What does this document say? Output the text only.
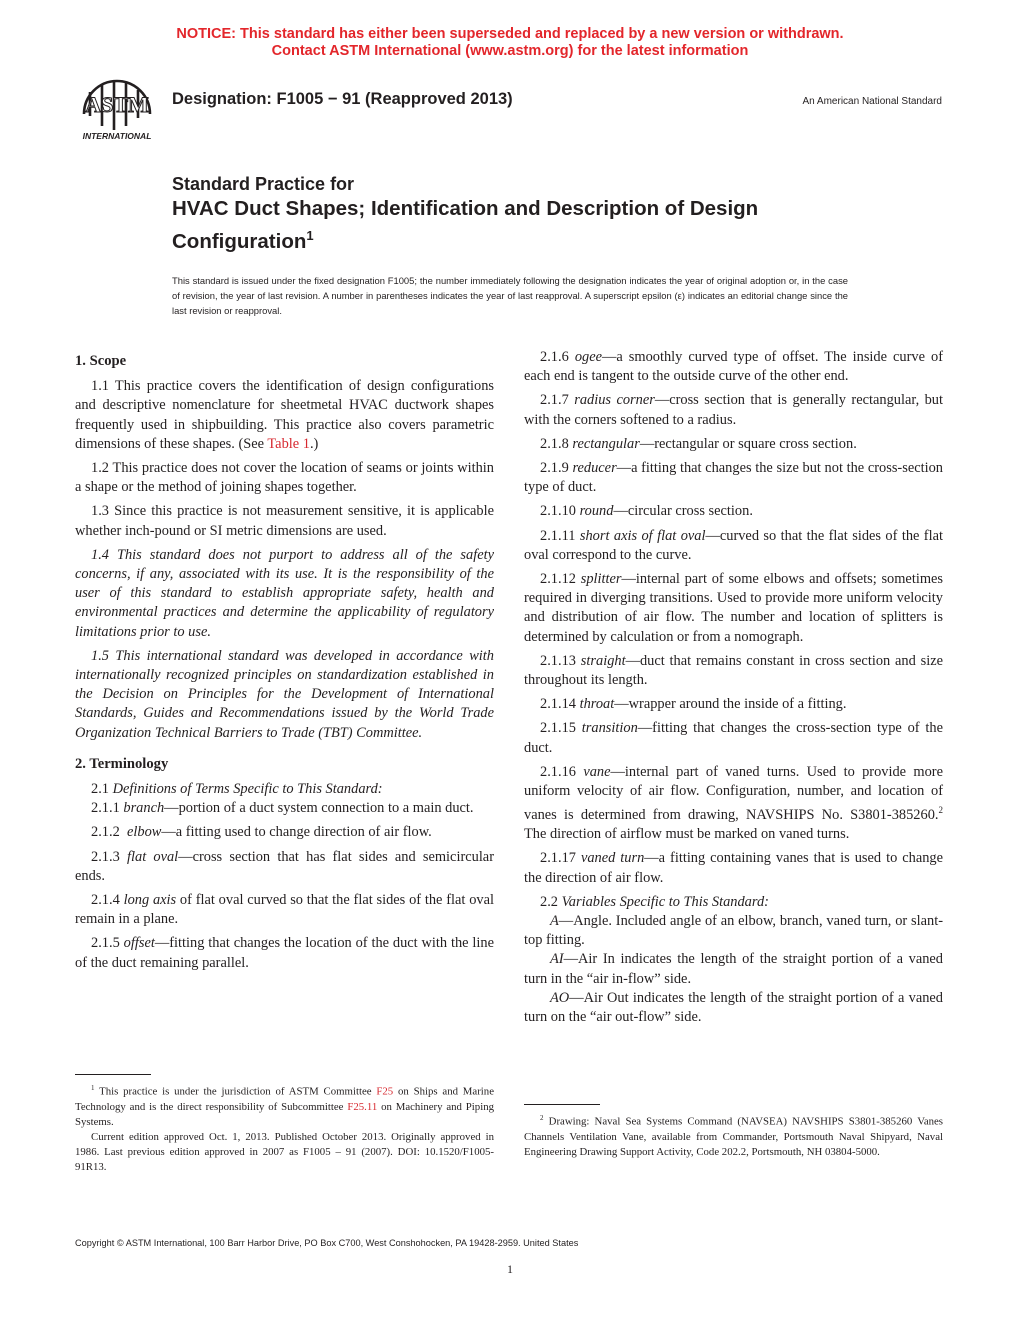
NOTICE: This standard has either been superseded and replaced by a new version or withdrawn.
Contact ASTM International (www.astm.org) for the latest information
ASTM
INTERNATIONAL
Designation: F1005 − 91 (Reapproved 2013)	An American National Standard
Standard Practice for
HVAC Duct Shapes; Identification and Description of Design Configuration$^1$
This standard is issued under the fixed designation F1005; the number immediately following the designation indicates the year of original adoption or, in the case of revision, the year of last revision. A number in parentheses indicates the year of last reapproval. A superscript epsilon (ε) indicates an editorial change since the last revision or reapproval.
1. Scope

1.1 This practice covers the identification of design configurations and descriptive nomenclature for sheetmetal HVAC ductwork shapes frequently used in shipbuilding. This practice also covers parametric dimensions of these shapes. (See Table 1.)

1.2 This practice does not cover the location of seams or joints within a shape or the method of joining shapes together.

1.3 Since this practice is not measurement sensitive, it is applicable whether inch-pound or SI metric dimensions are used.

1.4 This standard does not purport to address all of the safety concerns, if any, associated with its use. It is the responsibility of the user of this standard to establish appropriate safety, health and environmental practices and determine the applicability of regulatory limitations prior to use.

1.5 This international standard was developed in accordance with internationally recognized principles on standardization established in the Decision on Principles for the Development of International Standards, Guides and Recommendations issued by the World Trade Organization Technical Barriers to Trade (TBT) Committee.

2. Terminology

2.1 Definitions of Terms Specific to This Standard:

2.1.1 branch—portion of a duct system connection to a main duct.

2.1.2 elbow—a fitting used to change direction of air flow.

2.1.3 flat oval—cross section that has flat sides and semicircular ends.

2.1.4 long axis of flat oval curved so that the flat sides of the flat oval remain in a plane.

2.1.5 offset—fitting that changes the location of the duct with the line of the duct remaining parallel.

2.1.6 ogee—a smoothly curved type of offset. The inside curve of each end is tangent to the outside curve of the other end.

2.1.7 radius corner—cross section that is generally rectangular, but with the corners softened to a radius.

2.1.8 rectangular—rectangular or square cross section.

2.1.9 reducer—a fitting that changes the size but not the cross-section type of duct.

2.1.10 round—circular cross section.

2.1.11 short axis of flat oval—curved so that the flat sides of the flat oval correspond to the curve.

2.1.12 splitter—internal part of some elbows and offsets; sometimes required in diverging transitions. Used to provide more uniform velocity and distribution of air flow. The number and location of splitters is determined by calculation or from a nomograph.

2.1.13 straight—duct that remains constant in cross section and size throughout its length.

2.1.14 throat—wrapper around the inside of a fitting.

2.1.15 transition—fitting that changes the cross-section type of the duct.

2.1.16 vane—internal part of vaned turns. Used to provide more uniform velocity of air flow. Configuration, number, and location of vanes is determined from drawing, NAVSHIPS No. S3801-385260.$^2$ The direction of airflow must be marked on vaned turns.

2.1.17 vaned turn—a fitting containing vanes that is used to change the direction of air flow.

2.2 Variables Specific to This Standard:

A—Angle. Included angle of an elbow, branch, vaned turn, or slant-top fitting.

AI—Air In indicates the length of the straight portion of a vaned turn in the “air in-flow” side.

AO—Air Out indicates the length of the straight portion of a vaned turn on the “air out-flow” side.

$^1$ This practice is under the jurisdiction of ASTM Committee F25 on Ships and Marine Technology and is the direct responsibility of Subcommittee F25.11 on Machinery and Piping Systems.

Current edition approved Oct. 1, 2013. Published October 2013. Originally approved in 1986. Last previous edition approved in 2007 as F1005 – 91 (2007). DOI: 10.1520/F1005-91R13.

$^2$ Drawing: Naval Sea Systems Command (NAVSEA) NAVSHIPS S3801-385260 Vanes Channels Ventilation Vane, available from Commander, Portsmouth Naval Shipyard, Naval Engineering Drawing Support Activity, Code 202.2, Portsmouth, NH 03804-5000.

Copyright © ASTM International, 100 Barr Harbor Drive, PO Box C700, West Conshohocken, PA 19428-2959. United States
1
